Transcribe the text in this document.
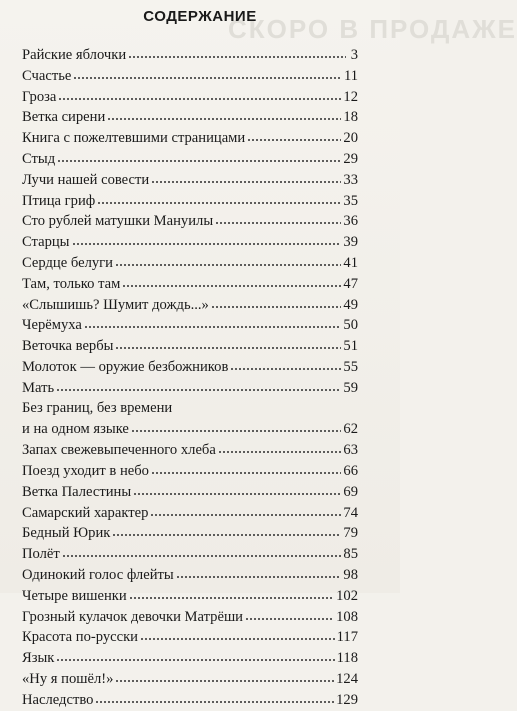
СКОРО В ПРОДАЖЕ
СОДЕРЖАНИЕ
Райские яблочки	3
Счастье	11
Гроза	12
Ветка сирени	18
Книга с пожелтевшими страницами	20
Стыд	29
Лучи нашей совести	33
Птица гриф	35
Сто рублей матушки Мануилы	36
Старцы	39
Сердце белуги	41
Там, только там	47
«Слышишь? Шумит дождь...»	49
Черёмуха	50
Веточка вербы	51
Молоток — оружие безбожников	55
Мать	59
Без границ, без времени
и на одном языке	62
Запах свежевыпеченного хлеба	63
Поезд уходит в небо	66
Ветка Палестины	69
Самарский характер	74
Бедный Юрик	79
Полёт	85
Одинокий голос флейты	98
Четыре вишенки	102
Грозный кулачок девочки Матрёши	108
Красота по-русски	117
Язык	118
«Ну я пошёл!»	124
Наследство	129
